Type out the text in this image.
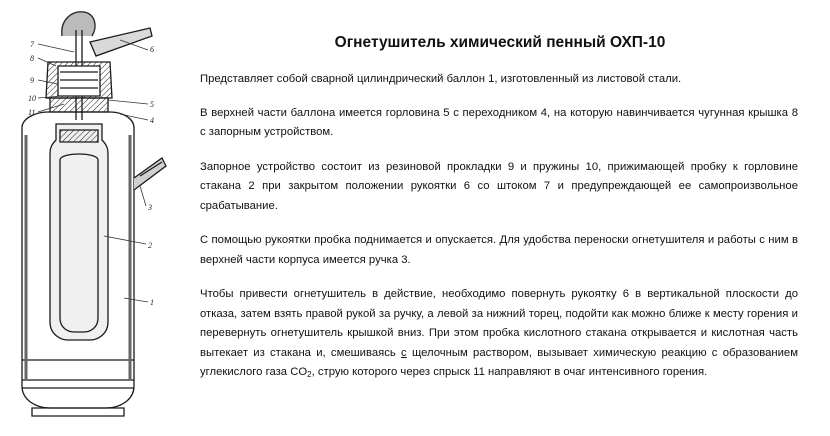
7
8
9
10
11
6
5
4
3
2
1
Огнетушитель химический пенный ОХП-10

Представляет собой сварной цилиндрический баллон 1, изготовленный из листовой стали.

В верхней части баллона имеется горловина 5 с переходником 4, на которую навинчивается чугунная крышка 8 с запорным устройством.

Запорное устройство состоит из резиновой прокладки 9 и пружины 10, прижимающей пробку к горловине стакана 2 при закрытом положении рукоятки 6 со штоком 7 и предупреждающей ее самопроизвольное срабатывание.

С помощью рукоятки пробка поднимается и опускается. Для удобства переноски огнетушителя и работы с ним в верхней части корпуса имеется ручка 3.

Чтобы привести огнетушитель в действие, необходимо повернуть рукоятку 6 в вертикальной плоскости до отказа, затем взять правой рукой за ручку, а левой за нижний торец, подойти как можно ближе к месту горения и перевернуть огнетушитель крышкой вниз. При этом пробка кислотного стакана открывается и кислотная часть вытекает из стакана и, смешиваясь с щелочным раствором, вызывает химическую реакцию с образованием углекислого газа $CO_2$, струю которого через спрыск 11 направляют в очаг интенсивного горения.
